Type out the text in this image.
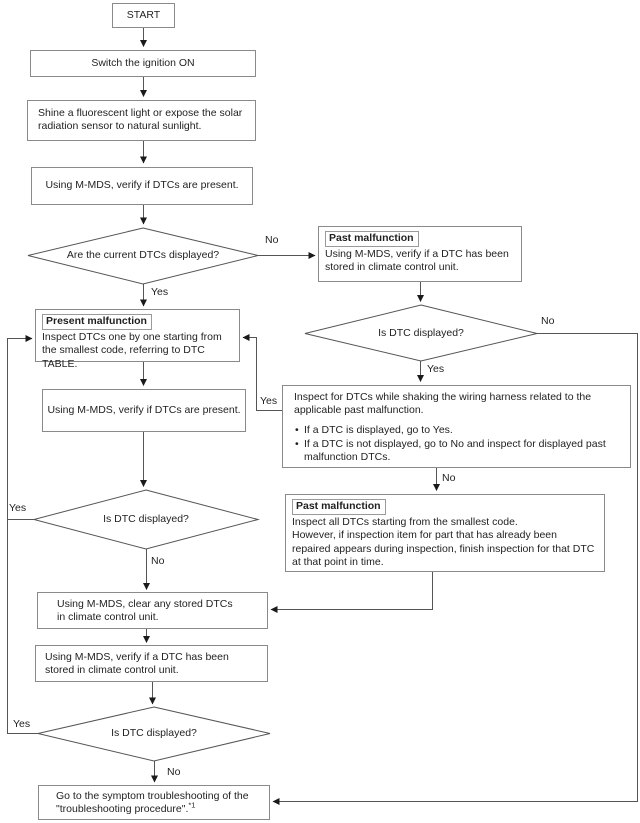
START
Switch the ignition ON
Shine a fluorescent light or expose the solar radiation sensor to natural sunlight.
Using M-MDS, verify if DTCs are present.
Past malfunction
Using M-MDS, verify if a DTC has been stored in climate control unit.
Present malfunction
Inspect DTCs one by one starting from the smallest code, referring to DTC TABLE.
Using M-MDS, verify if DTCs are present.
Inspect for DTCs while shaking the wiring harness related to the applicable past malfunction.
• If a DTC is displayed, go to Yes.
• If a DTC is not displayed, go to No and inspect for displayed past malfunction DTCs.
Past malfunction
Inspect all DTCs starting from the smallest code.
However, if inspection item for part that has already been repaired appears during inspection, finish inspection for that DTC at that point in time.
Using M-MDS, clear any stored DTCs in climate control unit.
Using M-MDS, verify if a DTC has been stored in climate control unit.
Go to the symptom troubleshooting of the "troubleshooting procedure".$^{*1}$
Are the current DTCs displayed?
Is DTC displayed?
Is DTC displayed?
Is DTC displayed?
No
Yes
No
Yes
Yes
No
Yes
No
Yes
No
